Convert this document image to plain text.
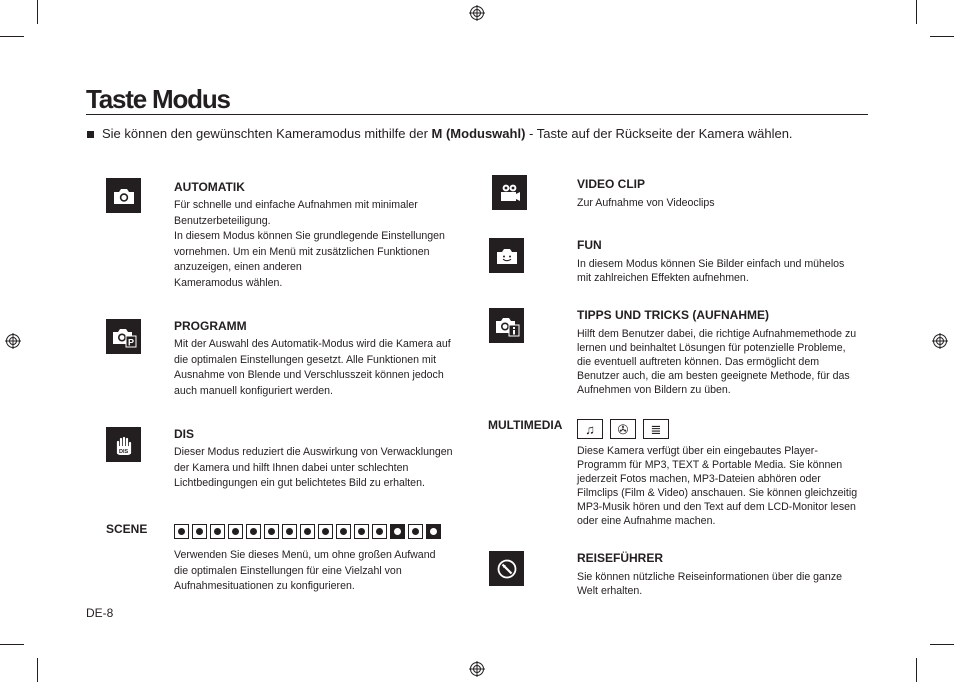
Taste Modus
Sie können den gewünschten Kameramodus mithilfe der M (Moduswahl) - Taste auf der Rückseite der Kamera wählen.
AUTOMATIK
Für schnelle und einfache Aufnahmen mit minimaler
Benutzerbeteiligung.
In diesem Modus können Sie grundlegende Einstellungen
vornehmen. Um ein Menü mit zusätzlichen Funktionen
anzuzeigen, einen anderen
Kameramodus wählen.
P
PROGRAMM
Mit der Auswahl des Automatik-Modus wird die Kamera auf
die optimalen Einstellungen gesetzt. Alle Funktionen mit
Ausnahme von Blende und Verschlusszeit können jedoch
auch manuell konfiguriert werden.
DIS
DIS
Dieser Modus reduziert die Auswirkung von Verwacklungen
der Kamera und hilft Ihnen dabei unter schlechten
Lichtbedingungen ein gut belichtetes Bild zu erhalten.
SCENE
Verwenden Sie dieses Menü, um ohne großen Aufwand
die optimalen Einstellungen für eine Vielzahl von
Aufnahmesituationen zu konfigurieren.
DE-8
VIDEO CLIP
Zur Aufnahme von Videoclips
FUN
In diesem Modus können Sie Bilder einfach und mühelos
mit zahlreichen Effekten aufnehmen.
TIPPS UND TRICKS (AUFNAHME)
Hilft dem Benutzer dabei, die richtige Aufnahmemethode zu
lernen und beinhaltet Lösungen für potenzielle Probleme,
die eventuell auftreten können. Das ermöglicht dem
Benutzer auch, die am besten geeignete Methode, für das
Aufnehmen von Bildern zu üben.
MULTIMEDIA	♫	✇	≣
Diese Kamera verfügt über ein eingebautes Player-
Programm für MP3, TEXT & Portable Media. Sie können
jederzeit Fotos machen, MP3-Dateien abhören oder
Filmclips (Film & Video) anschauen. Sie können gleichzeitig
MP3-Musik hören und den Text auf dem LCD-Monitor lesen
oder eine Aufnahme machen.
REISEFÜHRER
Sie können nützliche Reiseinformationen über die ganze
Welt erhalten.
